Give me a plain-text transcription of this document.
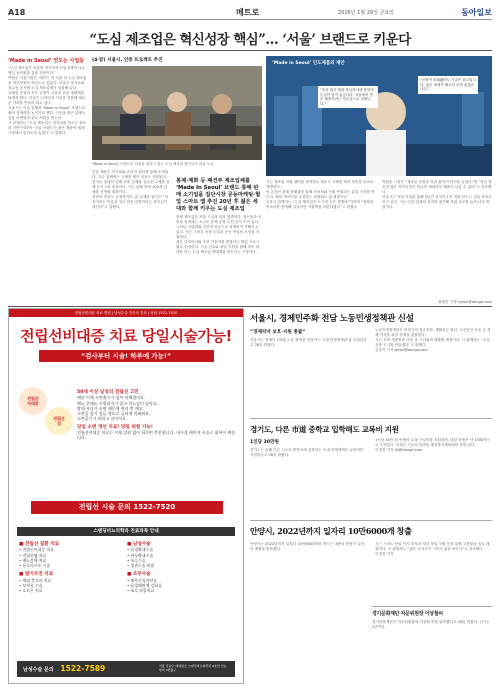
A18	메트로	2016년 1월 29일 금요일	동아일보
“도심 제조업은 혁신성장 핵심”… ‘서울’ 브랜드로 키운다
‘Made in Seoul’ 연도는 사업들
“도심 제조업은 서울의 역사이자 산업경쟁력 다수 핵심 동력원을 갖춘 현장이다.”
박원순 서울시장은 ‘메이드 인 서울’의 도심 제조업을 혁신성장의 핵심으로 꼽았다. 서울은 을지로와 성수동 등지에 도심 제조업체가 밀집해 있다.
오래된 공장과 작은 공방이 서울의 산업 생태계를 떠받쳐 왔다. 이들은 디자인과 기술을 결합해 새로운 가치를 만들어 내고 있다.
서울시는 이들 업체를 ‘Made in Seoul’ 브랜드로 묶어 경쟁력을 높이기로 했다. 인증을 받은 업체는 공동 마케팅과 판로 지원을 받는다.
시 관계자는 “도심 제조업은 일자리를 만드는 중요한 기반”이라며 “서울 브랜드가 붙은 제품이 세계 시장에서 통하도록 돕겠다”고 말했다.
(4·끝) 서울시, 인증 프로젝트 추진
‘Made in Seoul’ 브랜드로 서울을 알리고 있는 도심 제조업 장인들의 작업 모습.
‘Made in Seoul’ 인도제품의 제안
“우리 회사 제품 하나하나에 장인의 손길이 담겨 있습니다. 서울에서 만든 제품이라는 자부심으로 일합니다.”
“공장이 오래됐어도 기술은 최고입니다. 젊은 세대가 배우러 오면 좋겠습니다.”
인증 제품은 전시회와 온라인 장터를 통해 소개된다. 우수 업체에는 시제품 제작 비용도 지원된다.
을지로 일대의 인쇄·조명 업체와 성수동 수제화 업체 등이 1차 대상이다. 시는 올해 안에 100개 업체를 선정할 계획이다.
현장의 반응도 긍정적이다. 한 수제화 장인은 “서울이라는 이름을 걸고 만든 신발이라는 자부심이 생긴다”고 말했다.
봉제·제화 등 패션부 제조업체를 ‘Made In Seoul’ 브랜드 통해 판매 소기업을 집단시장 공동마케팅·협업 스마트 앱 추진 20년 후 젊은 세대와 함께 키우는 도심 제조업
봉제 제조업은 서울 도심의 대표 업종이다. 창신동과 신당동 일대에는 소규모 봉제 공장 수천 곳이 모여 있다.
그러나 고령화와 인건비 상승으로 경쟁력이 약해지고 있다. 시는 스마트 공장 도입과 공동 작업장 조성을 지원한다.
젊은 디자이너와 숙련 기술자를 연결하는 협업 프로그램도 운영한다. 기술 전수와 창업 지원을 함께 묶어 세대를 잇는 도심 제조업 생태계를 만든다는 구상이다.
시는 제조업 지원 센터를 권역별로 세우고 시제품 제작 장비를 무료로 개방한다.
또 온라인 판매 플랫폼을 통해 소비자와 직접 연결되는 유통 구조를 만든다. 해외 바이어를 초청하는 상담회도 열 예정이다.
서울시 관계자는 “도심 제조업은 도시의 숨은 경쟁력”이라며 “현장의 목소리를 반영해 실질적인 지원책을 마련하겠다”고 밝혔다.
박원순 시장은 “제조업 현장을 직접 찾아 이야기를 들었다”며 “장인 정신과 젊은 아이디어가 만나면 세계적인 제품이 나올 수 있다”고 강조했다.
서울시는 이번 사업을 통해 5년간 일자리 1만 개를 만드는 것을 목표로 하고 있다. 시는 인증 업체의 성과를 평가해 지원 규모를 늘려 나갈 방침이다.
정혜진 기자 hyejin@donga.com
전립선비대증 치료 병원 | 남성수술 전문의 진료 | 상담 1522-7520
전립선비대증 치료 당일시술가능!
“검사부터 시술! 하루에 가능!”
전립선
비대증
전립선
염
50대 이상 남성의 전립선 고민
매년 이에 소변출기가 힘이 약해졌어요.
배뇨 후에도 시원하지가 않고 잔뇨감이 남아요.
밤에 자다가 소변 때문에 여러 번 깨요.
소변을 참기 힘들 정도로 급하게 마려워요.
소변줄기가 약하고 끊어져요.
당일 소변 개선 치료! 당일 퇴원 가능!
전립선비대증 치료는 이제 입원 없이 하루면 충분합니다. 내시경 레이저 시술로 회복이 빠릅니다.
전립선 시술 문의 1522-7520
스탠딩비뇨의학과 진료과목 안내
■ 전립선 질환 치료
• 전립선비대증 치료
• 전립선염 치료
• 배뇨장애 치료
• 유로리프트 시술
■ 발기부전 치료
• 체외 충격파 치료
• 보형물 수술
• 호르몬 치료
■ 남성수술
• 음경확대수술
• 귀두확대수술
• 조루수술
• 정관수술·복원
■ 조루수술
• 배부신경차단술
• 음경해면체 강화술
• 조루 약물치료
남성수술 문의 1522-7589	서울 강남구 테헤란로 스탠딩비뇨의학과 9호선 신논현역 3번출구
서울시, 경제민주화 전담 노동민생정책관 신설
“경제약자 보호·지원 총괄”
서울시는 경제민주화와 노동 정책을 전담하는 ‘노동민생정책관’을 신설한다고 28일 밝혔다.
노동민생정책관은 비정규직 정규직화, 생활임금 확산, 소상공인 보호 등 경제 약자를 위한 정책을 총괄한다.
시는 조직 개편안을 다음 달 시의회에 제출할 예정이다. 시 관계자는 “노동 존중 도시를 만들겠다”고 말했다.
김준석 기자 jskim@donga.com
경기도, 다른 市道 중학교 입학해도 교복비 지원
1인당 30만원
경기도는 올해 다른 시도의 중학교에 입학하는 도내 학생에게도 교복비를 지원한다고 28일 밝혔다.
1인당 30만 원 안팎의 교복 구입비를 지원하며, 대상 학생은 약 1500명으로 추산된다. 신청은 거주지 읍면동 행정복지센터에서 하면 된다.
이경진 기자 lkj@donga.com
안양시, 2022년까지 일자리 10만6000개 창출
안양시는 2022년까지 일자리 10만6000개를 만드는 내용의 중장기 일자리 계획을 발표했다.
시는 스마트 산업 단지 조성과 청년 창업 지원 등을 통해 고용률을 높일 계획이다. 시 관계자는 “좋은 일자리가 시민의 삶을 바꾼다”고 강조했다.
이경진 기자
경기문화재단 자문위원장 이상철씨
경기문화재단은 자문위원장에 이상철 씨를 위촉했다고 28일 밝혔다. 임기는 2년이다.
